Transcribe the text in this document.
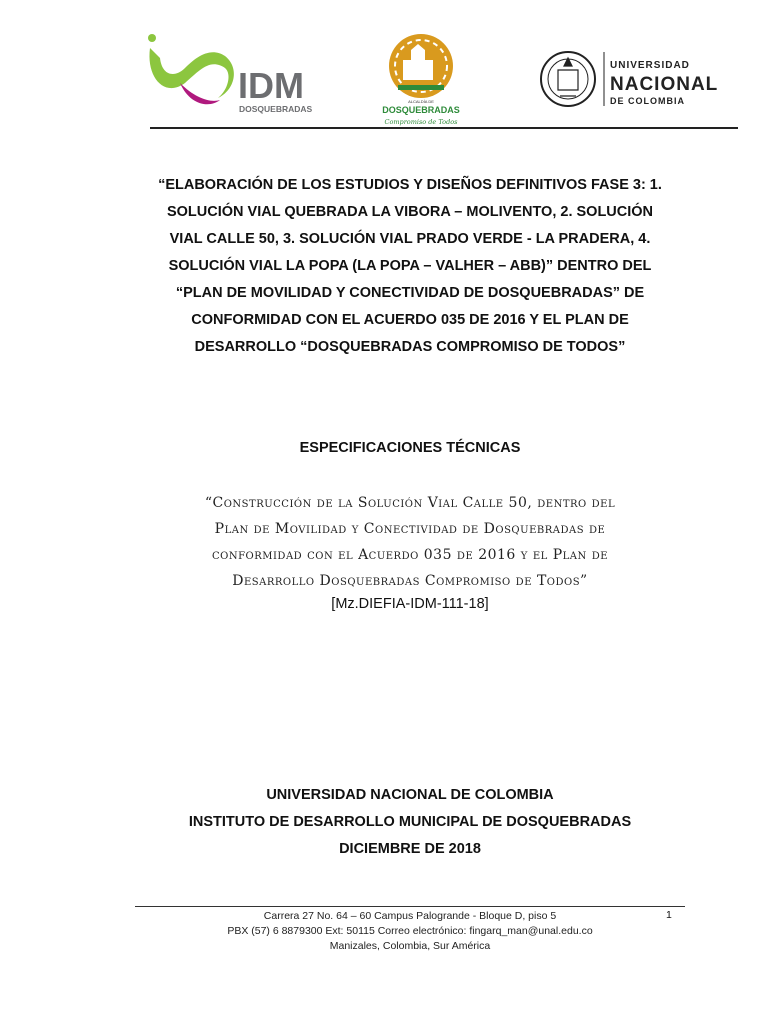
IDM
DOSQUEBRADAS
ALCALDÍA DE
DOSQUEBRADAS
Compromiso de Todos
UNIVERSIDAD
NACIONAL
DE COLOMBIA
“ELABORACIÓN DE LOS ESTUDIOS Y DISEÑOS DEFINITIVOS FASE 3: 1.
SOLUCIÓN VIAL QUEBRADA LA VIBORA – MOLIVENTO, 2. SOLUCIÓN
VIAL CALLE 50, 3. SOLUCIÓN VIAL PRADO VERDE - LA PRADERA, 4.
SOLUCIÓN VIAL LA POPA (LA POPA – VALHER – ABB)” DENTRO DEL
“PLAN DE MOVILIDAD Y CONECTIVIDAD DE DOSQUEBRADAS” DE
CONFORMIDAD CON EL ACUERDO 035 DE 2016 Y EL PLAN DE
DESARROLLO “DOSQUEBRADAS COMPROMISO DE TODOS”
ESPECIFICACIONES TÉCNICAS
“Construcción de la Solución Vial Calle 50, dentro del
Plan de Movilidad y Conectividad de Dosquebradas de
conformidad con el Acuerdo 035 de 2016 y el Plan de
Desarrollo Dosquebradas Compromiso de Todos”
[Mz.DIEFIA-IDM-111-18]
UNIVERSIDAD NACIONAL DE COLOMBIA
INSTITUTO DE DESARROLLO MUNICIPAL DE DOSQUEBRADAS
DICIEMBRE DE 2018
Carrera 27 No. 64 – 60 Campus Palogrande - Bloque D, piso 5
PBX (57) 6 8879300 Ext: 50115 Correo electrónico: fingarq_man@unal.edu.co
Manizales, Colombia, Sur América
1
